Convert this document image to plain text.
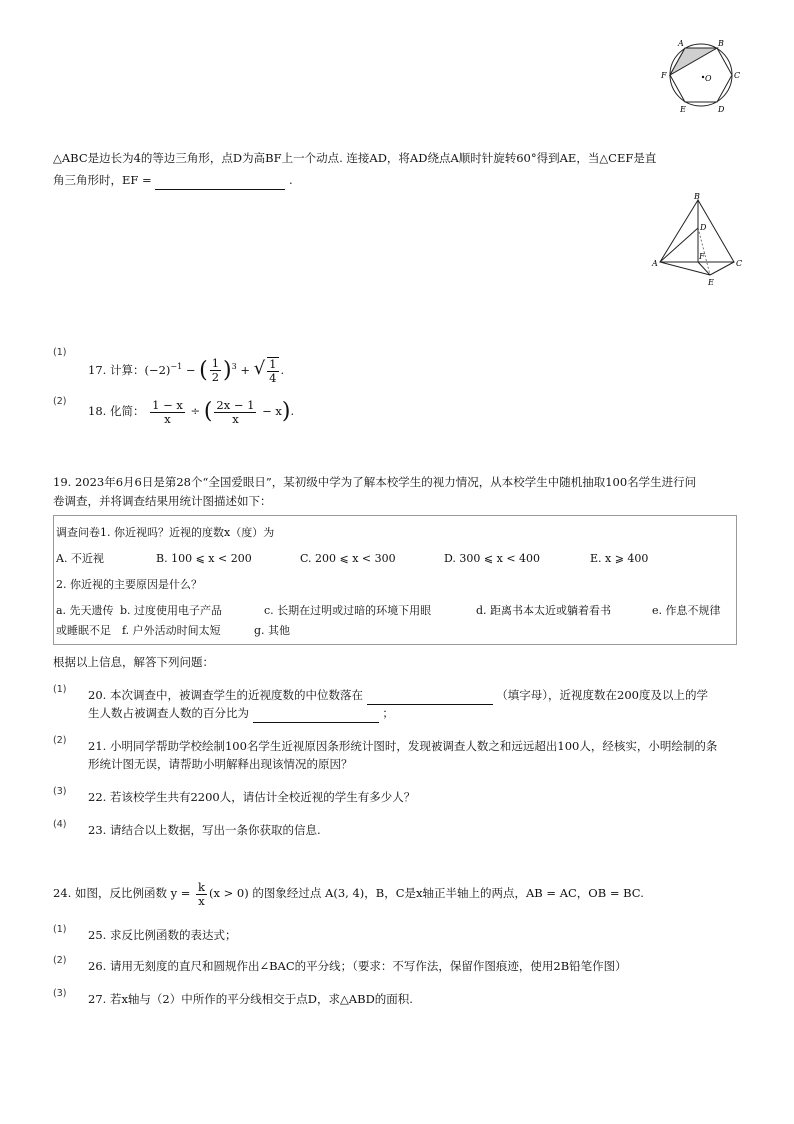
A	B
C
D
E
F	O
△ABC是边长为4的等边三角形，点D为高BF上一个动点. 连接AD，将AD绕点A顺时针旋转60°得到AE，当△CEF是直
角三角形时，EF =	.
B
D
A
F
C
E
(1)
17. 计算：$(-2)^{-1}$ − ( $\frac{1}{2} )^3$ + √ $\frac{1}{4}$ .
(2)
18. 化简： $\frac{1 - x}{x}$ ÷ ( $\frac{2x - 1}{x} - x$).
19. 2023年6月6日是第28个“全国爱眼日”，某初级中学为了解本校学生的视力情况，从本校学生中随机抽取100名学生进行问
卷调查，并将调查结果用统计图描述如下：
调查问卷1. 你近视吗？近视的度数x（度）为
A. 不近视	B. 100 ⩽ x < 200	C. 200 ⩽ x < 300	D. 300 ⩽ x < 400	E. x ⩾ 400
2. 你近视的主要原因是什么？
a. 先天遗传 b. 过度使用电子产品	c. 长期在过明或过暗的环境下用眼	d. 距离书本太近或躺着看书	e. 作息不规律
或睡眠不足 f. 户外活动时间太短	g. 其他
根据以上信息，解答下列问题：
(1) 20. 本次调查中，被调查学生的近视度数的中位数落在	（填字母），近视度数在200度及以上的学
生人数占被调查人数的百分比为	；
(2) 21. 小明同学帮助学校绘制100名学生近视原因条形统计图时，发现被调查人数之和远远超出100人，经核实，小明绘制的条
形统计图无误，请帮助小明解释出现该情况的原因？
(3) 22. 若该校学生共有2200人，请估计全校近视的学生有多少人？
(4) 23. 请结合以上数据，写出一条你获取的信息.
24. 如图，反比例函数 $y = \frac{k}{x} (x > 0)$ 的图象经过点 A(3, 4)，B，C是x轴正半轴上的两点，AB = AC，OB = BC.
(1) 25. 求反比例函数的表达式；
(2) 26. 请用无刻度的直尺和圆规作出∠BAC的平分线；（要求：不写作法，保留作图痕迹，使用2B铅笔作图）
(3) 27. 若x轴与（2）中所作的平分线相交于点D，求△ABD的面积.
